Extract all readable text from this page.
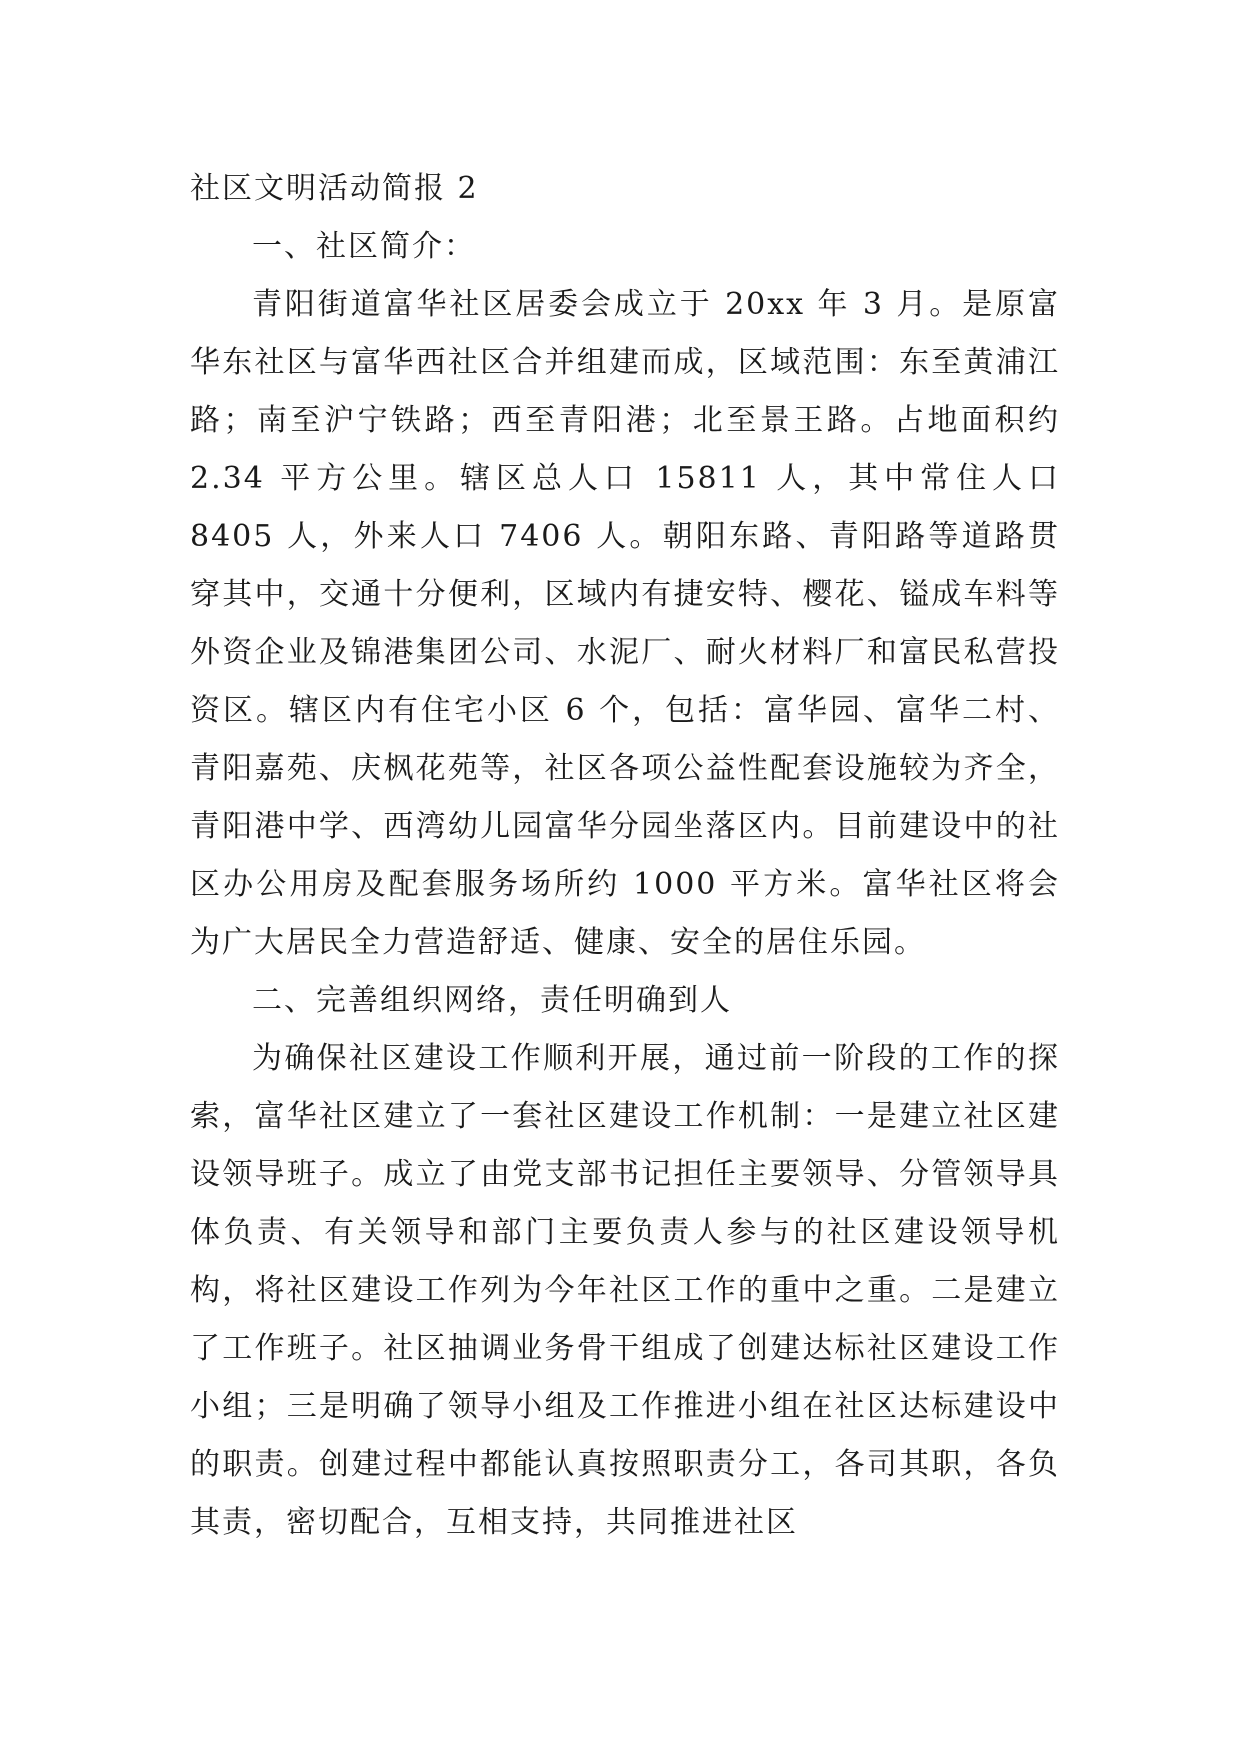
社区文明活动简报 2

一、社区简介：

青阳街道富华社区居委会成立于 20xx 年 3 月。是原富华东社区与富华西社区合并组建而成，区域范围：东至黄浦江路；南至沪宁铁路；西至青阳港；北至景王路。占地面积约 2.34 平方公里。辖区总人口 15811 人，其中常住人口 8405 人，外来人口 7406 人。朝阳东路、青阳路等道路贯穿其中，交通十分便利，区域内有捷安特、樱花、镒成车料等外资企业及锦港集团公司、水泥厂、耐火材料厂和富民私营投资区。辖区内有住宅小区 6 个，包括：富华园、富华二村、青阳嘉苑、庆枫花苑等，社区各项公益性配套设施较为齐全，青阳港中学、西湾幼儿园富华分园坐落区内。目前建设中的社区办公用房及配套服务场所约 1000 平方米。富华社区将会为广大居民全力营造舒适、健康、安全的居住乐园。

二、完善组织网络，责任明确到人

为确保社区建设工作顺利开展，通过前一阶段的工作的探索，富华社区建立了一套社区建设工作机制：一是建立社区建设领导班子。成立了由党支部书记担任主要领导、分管领导具体负责、有关领导和部门主要负责人参与的社区建设领导机构，将社区建设工作列为今年社区工作的重中之重。二是建立了工作班子。社区抽调业务骨干组成了创建达标社区建设工作小组；三是明确了领导小组及工作推进小组在社区达标建设中的职责。创建过程中都能认真按照职责分工，各司其职，各负其责，密切配合，互相支持，共同推进社区
